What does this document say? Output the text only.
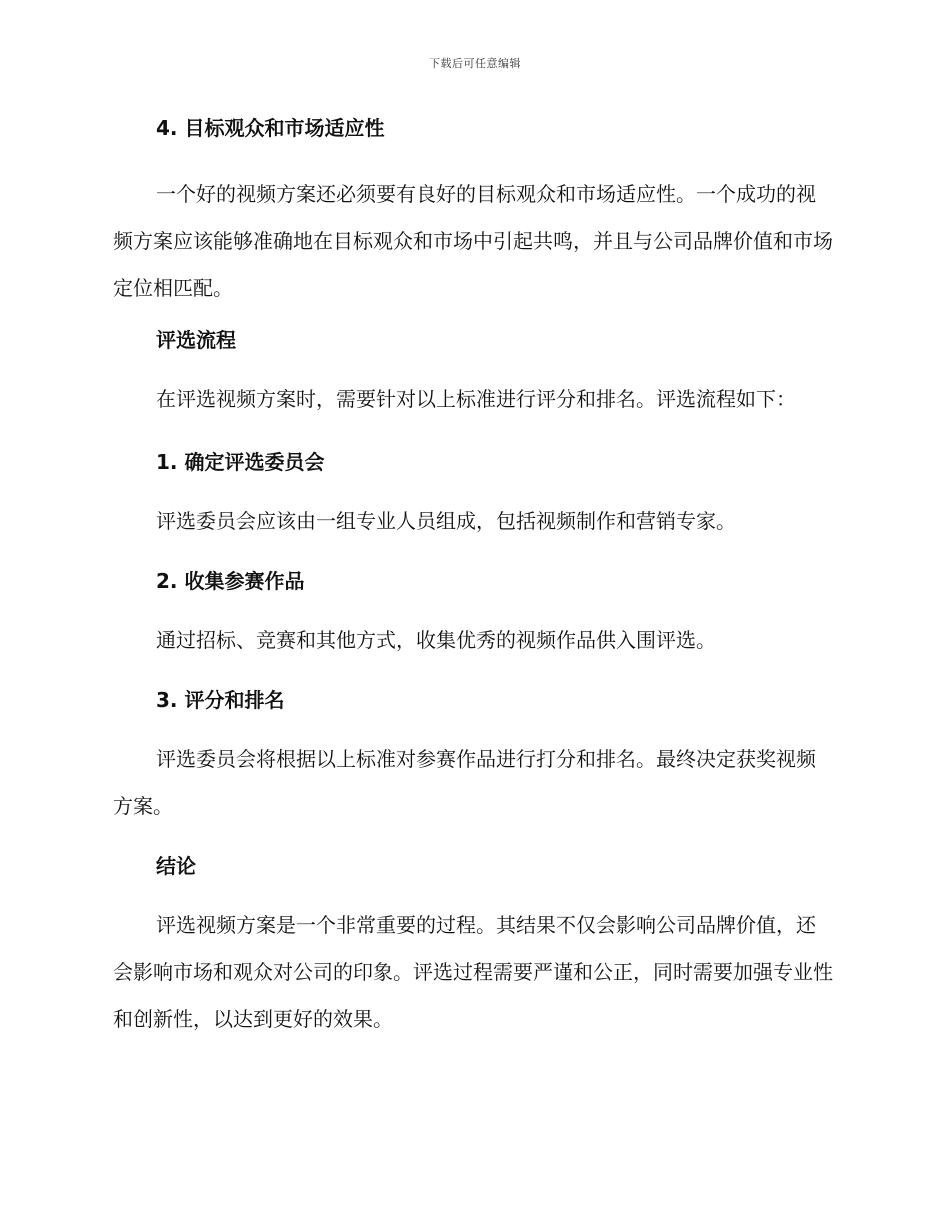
下载后可任意编辑
4. 目标观众和市场适应性
一个好的视频方案还必须要有良好的目标观众和市场适应性。一个成功的视频方案应该能够准确地在目标观众和市场中引起共鸣，并且与公司品牌价值和市场定位相匹配。
评选流程
在评选视频方案时，需要针对以上标准进行评分和排名。评选流程如下：
1. 确定评选委员会
评选委员会应该由一组专业人员组成，包括视频制作和营销专家。
2. 收集参赛作品
通过招标、竞赛和其他方式，收集优秀的视频作品供入围评选。
3. 评分和排名
评选委员会将根据以上标准对参赛作品进行打分和排名。最终决定获奖视频方案。
结论
评选视频方案是一个非常重要的过程。其结果不仅会影响公司品牌价值，还会影响市场和观众对公司的印象。评选过程需要严谨和公正，同时需要加强专业性和创新性，以达到更好的效果。
